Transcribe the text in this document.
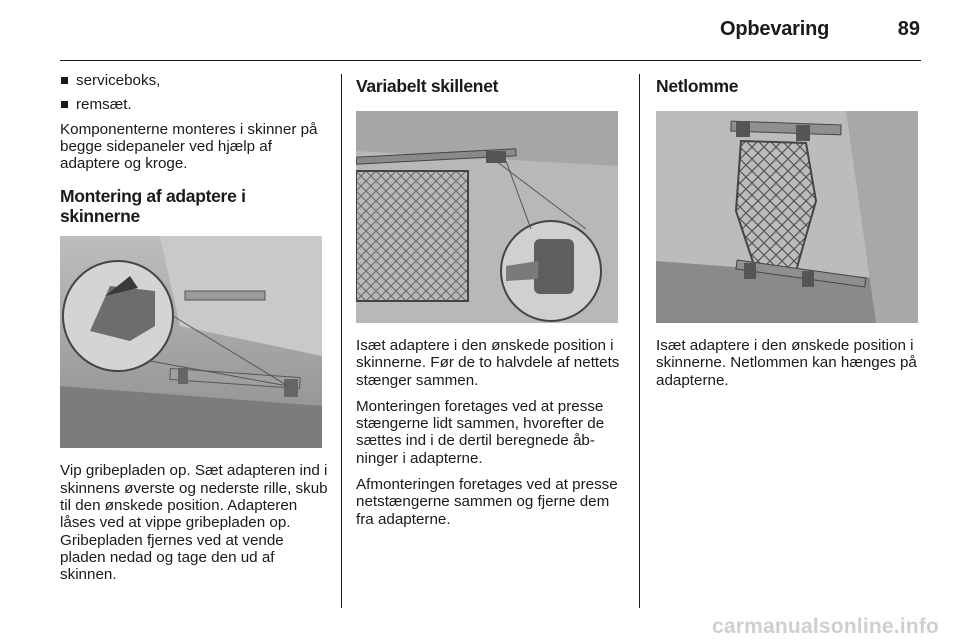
Opbevaring	89
serviceboks,
remsæt.

Komponenterne monteres i skinner på begge sidepaneler ved hjælp af adaptere og kroge.

Montering af adaptere i skinnerne

Vip gribepladen op. Sæt adapteren ind i skinnens øverste og nederste rille, skub til den ønskede position. Adapteren låses ved at vippe gribepladen op. Gribepladen fjernes ved at vende pladen nedad og tage den ud af skinnen.

Variabelt skillenet

Isæt adaptere i den ønskede position i skinnerne. Før de to halvdele af nettets stænger sammen.

Monteringen foretages ved at presse stængerne lidt sammen, hvorefter de sættes ind i de dertil beregnede åbninger i adapterne.

Afmonteringen foretages ved at presse netstængerne sammen og fjerne dem fra adapterne.

Netlomme

Isæt adaptere i den ønskede position i skinnerne. Netlommen kan hænges på adapterne.

carmanualsonline.info
